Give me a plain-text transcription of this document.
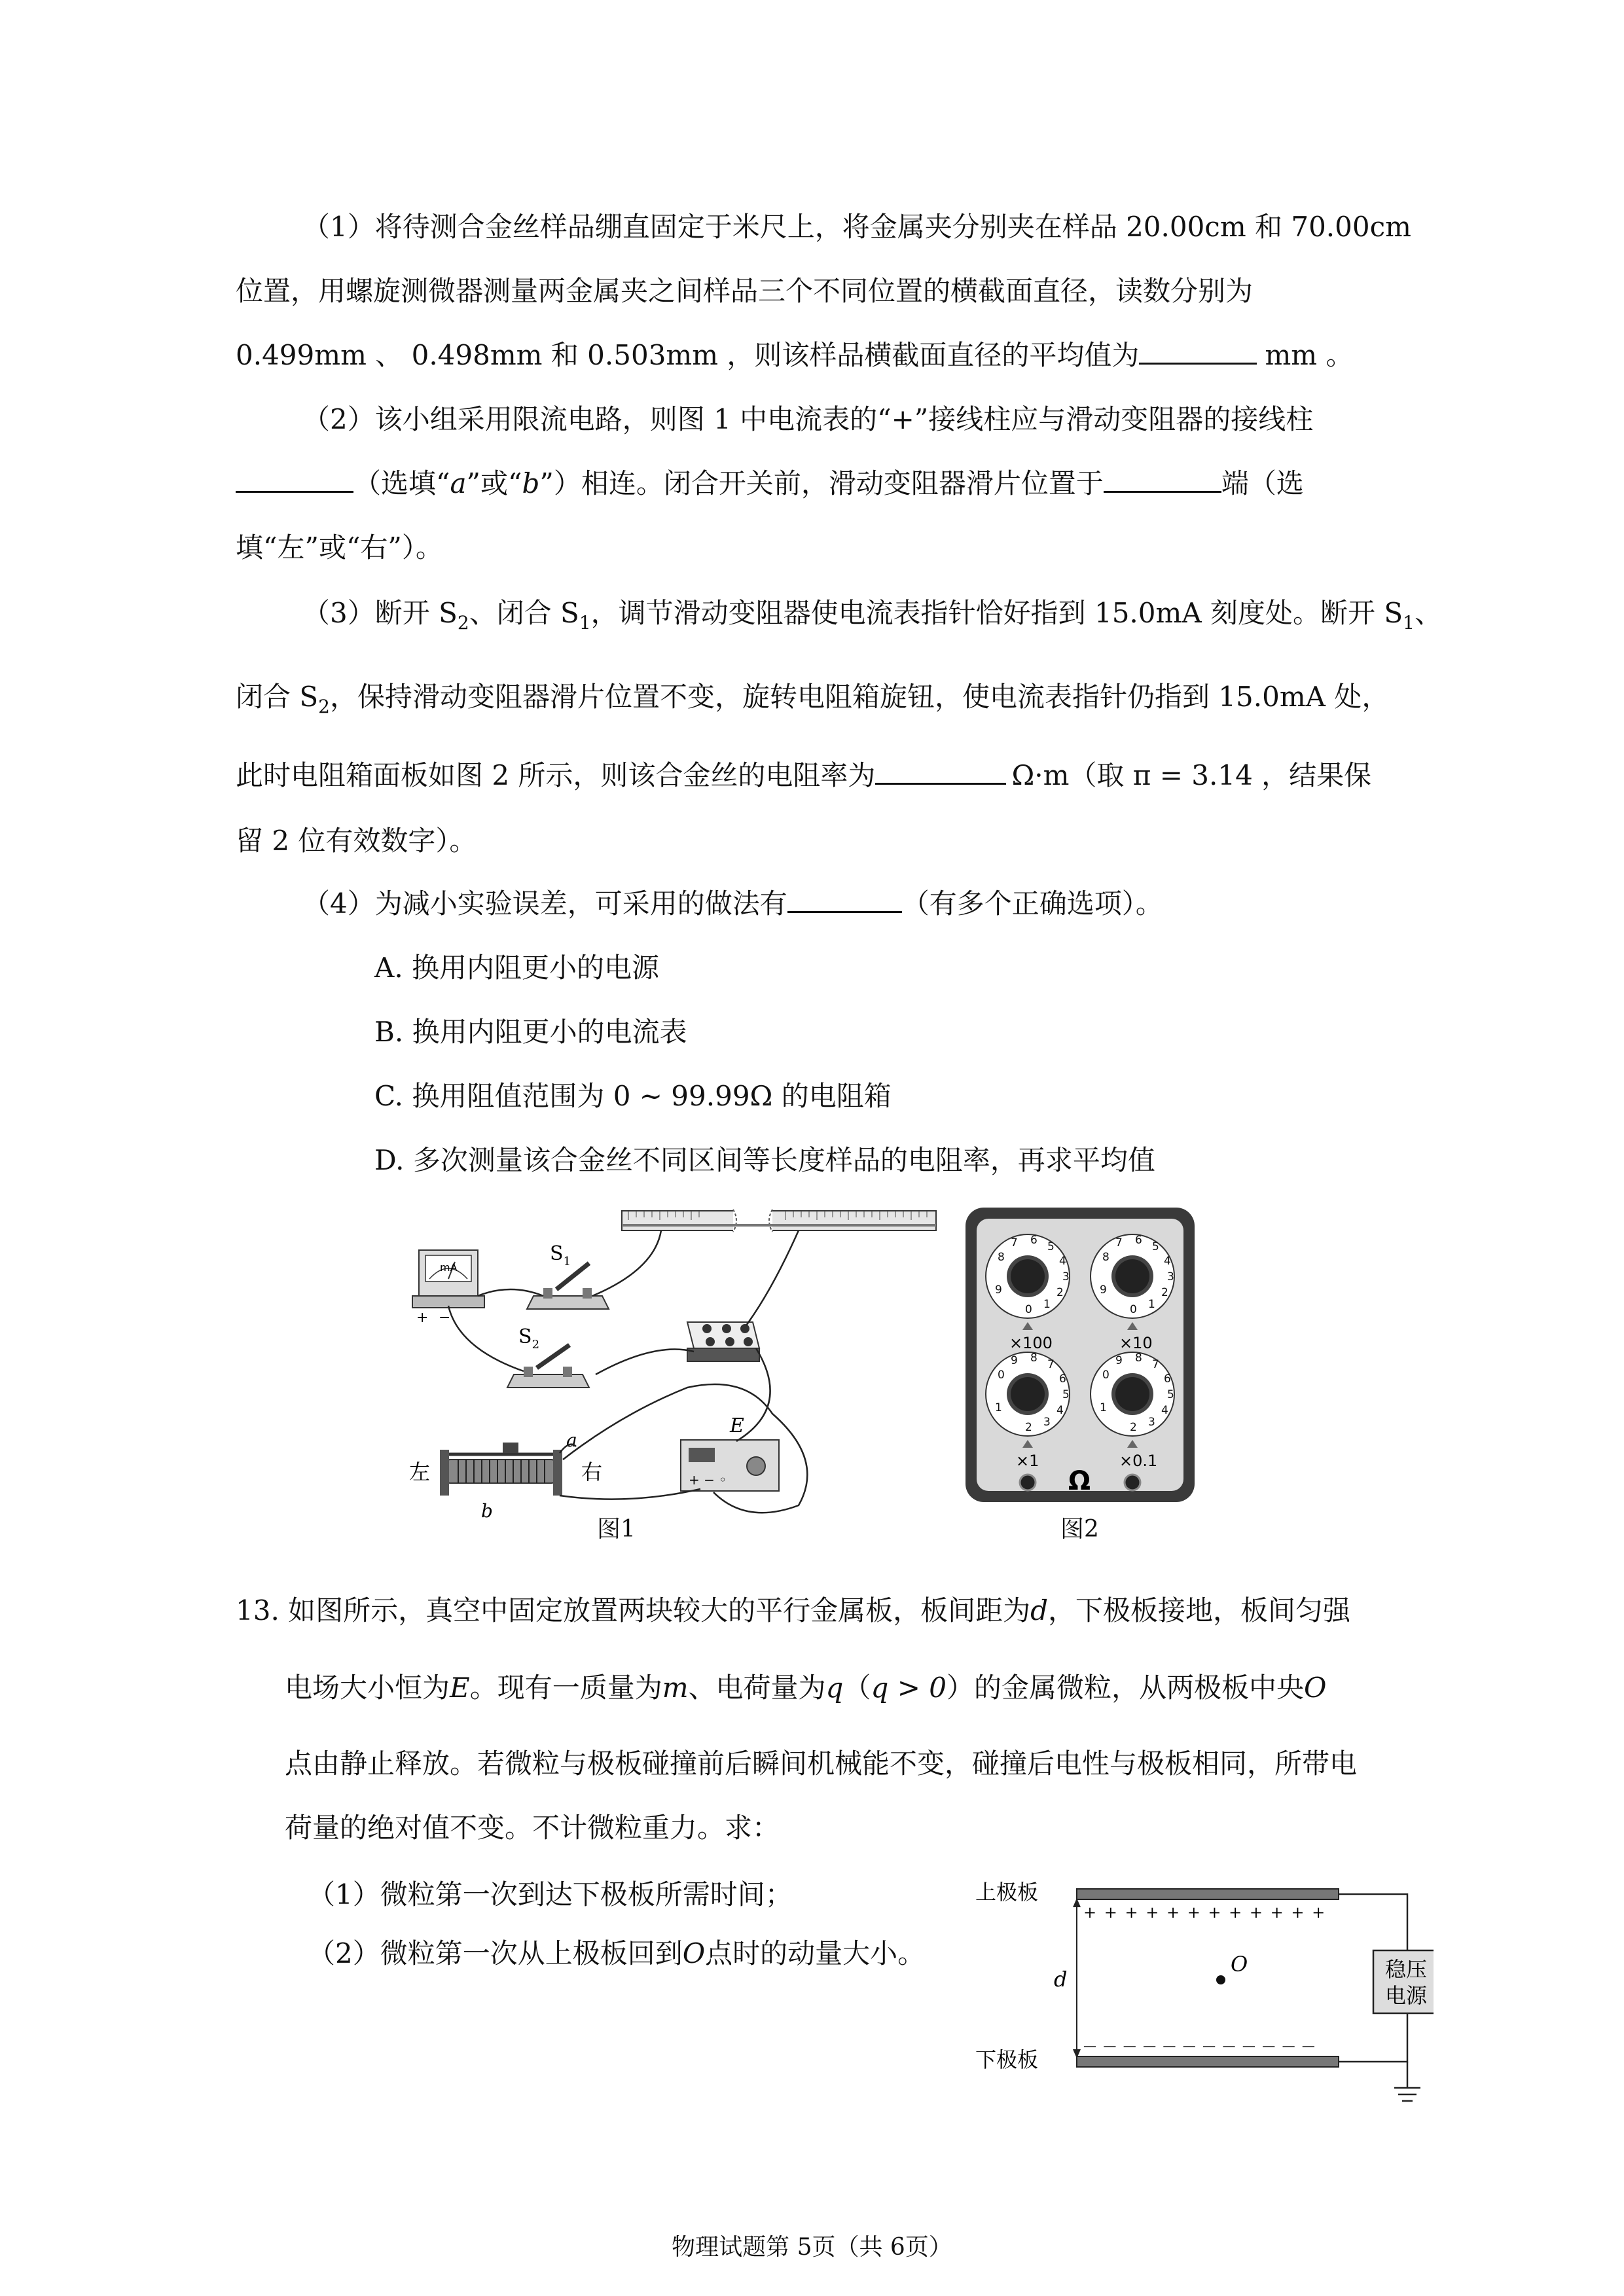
（1）将待测合金丝样品绷直固定于米尺上，将金属夹分别夹在样品 20.00cm 和 70.00cm
位置，用螺旋测微器测量两金属夹之间样品三个不同位置的横截面直径，读数分别为
0.499mm 、 0.498mm 和 0.503mm ，则该样品横截面直径的平均值为	mm 。
（2）该小组采用限流电路，则图 1 中电流表的“+”接线柱应与滑动变阻器的接线柱
（选填“a”或“b”）相连。闭合开关前，滑动变阻器滑片位置于	端（选
填“左”或“右”）。
（3）断开 $S_2$、闭合 $S_1$，调节滑动变阻器使电流表指针恰好指到 15.0mA 刻度处。断开 $S_1$、
闭合 $S_2$，保持滑动变阻器滑片位置不变，旋转电阻箱旋钮，使电流表指针仍指到 15.0mA 处，
此时电阻箱面板如图 2 所示，则该合金丝的电阻率为	Ω·m（取 π = 3.14 ，结果保
留 2 位有效数字）。
（4）为减小实验误差，可采用的做法有	（有多个正确选项）。
A. 换用内阻更小的电源
B. 换用内阻更小的电流表
C. 换用阻值范围为 0 ~ 99.99Ω 的电阻箱
D. 多次测量该合金丝不同区间等长度样品的电阻率，再求平均值
mA
+ −
$S_1$
$S_2$
左	右
a
b
+ − ◦
E
图1
0 1234567 8 9
×100
0 1234567 8 9
×10
2 3456789 0 1
×1
2 3456789 0 1
×0.1
Ω
图2
13. 如图所示，真空中固定放置两块较大的平行金属板，板间距为d，下极板接地，板间匀强
电场大小恒为E。现有一质量为m、电荷量为q（q > 0）的金属微粒，从两极板中央O
点由静止释放。若微粒与极板碰撞前后瞬间机械能不变，碰撞后电性与极板相同，所带电
荷量的绝对值不变。不计微粒重力。求：
（1）微粒第一次到达下极板所需时间；
（2）微粒第一次从上极板回到O点时的动量大小。
上极板
下极板
+ + + + + + + + + + + +
— — — — — — — — — — — —
d
O	稳压
电源
物理试题第 5页（共 6页）
